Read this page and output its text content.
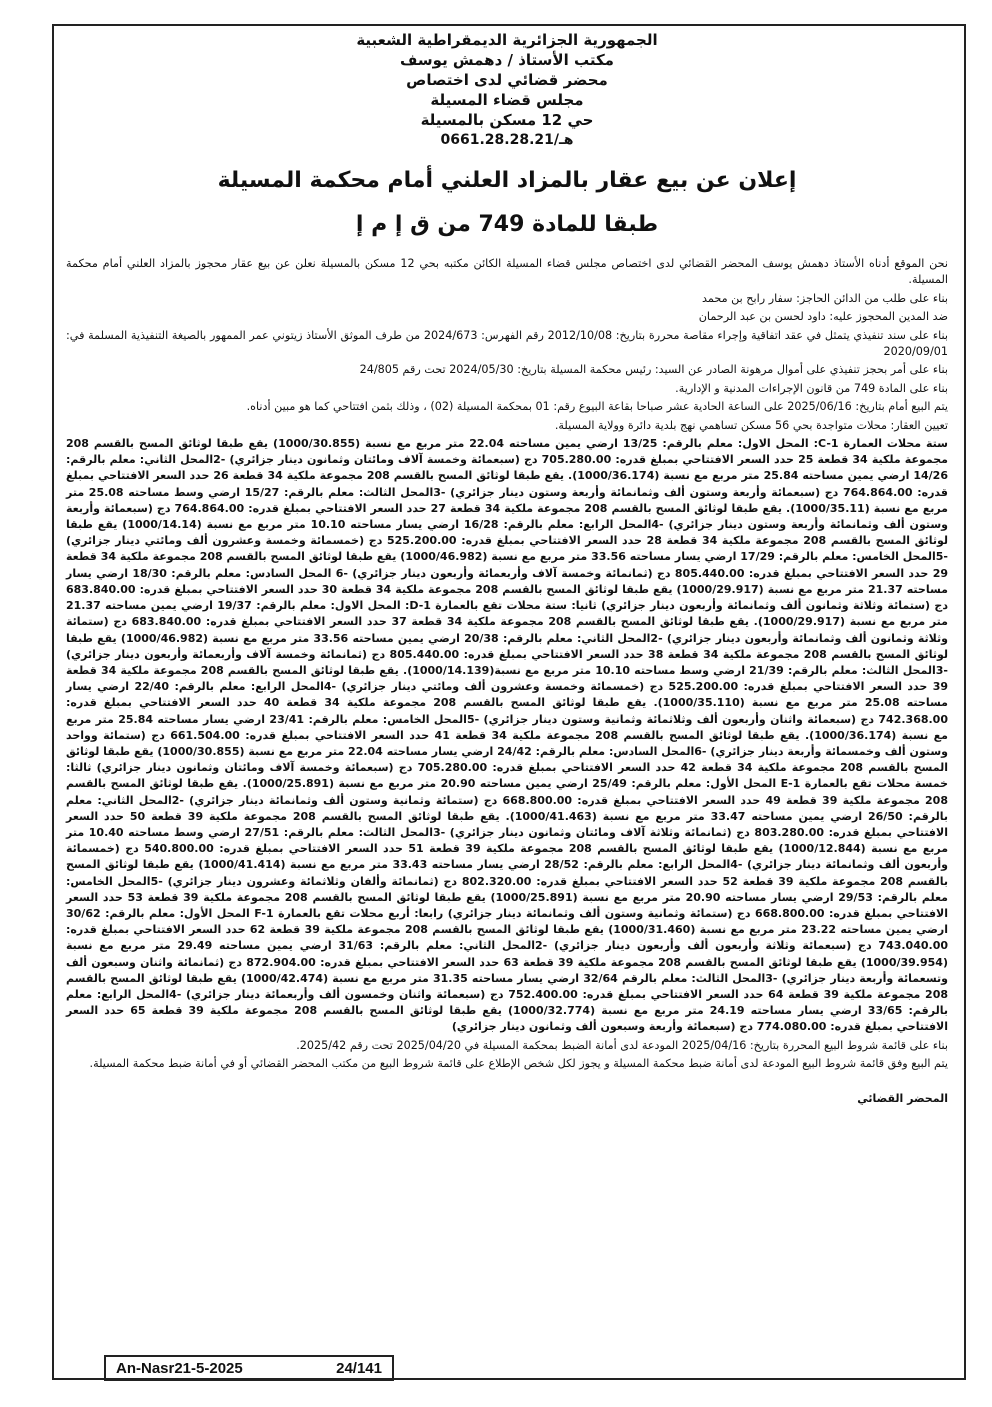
الجمهورية الجزائرية الديمقراطية الشعبية

مكتب الأستاذ / دهمش يوسف

محضر قضائي لدى اختصاص

مجلس قضاء المسيلة

حي 12 مسكن بالمسيلة

هـ/0661.28.28.21

إعلان عن بيع عقار بالمزاد العلني أمام محكمة المسيلة
طبقا للمادة 749 من ق إ م إ

نحن الموقع أدناه الأستاذ دهمش يوسف المحضر القضائي لدى اختصاص مجلس قضاء المسيلة الكائن مكتبه بحي 12 مسكن بالمسيلة نعلن عن بيع عقار محجوز بالمزاد العلني أمام محكمة المسيلة.

بناء على طلب من الدائن الحاجز: سفار رابح بن محمد

ضد المدين المحجوز عليه: داود لحسن بن عبد الرحمان

بناء على سند تنفيذي يتمثل في عقد اتفاقية وإجراء مقاصة محررة بتاريخ: 2012/10/08 رقم الفهرس: 2024/673 من طرف الموثق الأستاذ زيتوني عمر الممهور بالصيغة التنفيذية المسلمة في: 2020/09/01

بناء على أمر بحجز تنفيذي على أموال مرهونة الصادر عن السيد: رئيس محكمة المسيلة بتاريخ: 2024/05/30 تحت رقم 24/805

بناء على المادة 749 من قانون الإجراءات المدنية و الإدارية.

يتم البيع أمام بتاريخ: 2025/06/16 على الساعة الحادية عشر صباحا بقاعة البيوع رقم: 01 بمحكمة المسيلة (02) ، وذلك بثمن افتتاحي كما هو مبين أدناه.

تعيين العقار: محلات متواجدة بحي 56 مسكن تساهمي نهج بلدية دائرة وولاية المسيلة.

ستة محلات العمارة C-1: المحل الاول: معلم بالرقم: 13/25 ارضي يمين مساحته 22.04 متر مربع مع نسبة (1000/30.855) يقع طبقا لوثائق المسح بالقسم 208 مجموعة ملكية 34 قطعة 25 حدد السعر الافتتاحي بمبلغ قدره: 705.280.00 دج (سبعمائة وخمسة آلاف ومائتان وثمانون دينار جزائري) -2المحل الثاني: معلم بالرقم: 14/26 ارضي يمين مساحته 25.84 متر مربع مع نسبة (1000/36.174). يقع طبقا لوثائق المسح بالقسم 208 مجموعة ملكية 34 قطعة 26 حدد السعر الافتتاحي بمبلغ قدره: 764.864.00 دج (سبعمائة وأربعة وستون ألف وثمانمائة وأربعة وستون دينار جزائري) -3المحل الثالث: معلم بالرقم: 15/27 ارضي وسط مساحته 25.08 متر مربع مع نسبة (1000/35.11). يقع طبقا لوثائق المسح بالقسم 208 مجموعة ملكية 34 قطعة 27 حدد السعر الافتتاحي بمبلغ قدره: 764.864.00 دج (سبعمائة وأربعة وستون ألف وثمانمائة وأربعة وستون دينار جزائري) -4المحل الرابع: معلم بالرقم: 16/28 ارضي يسار مساحته 10.10 متر مربع مع نسبة (1000/14.14) يقع طبقا لوثائق المسح بالقسم 208 مجموعة ملكية 34 قطعة 28 حدد السعر الافتتاحي بمبلغ قدره: 525.200.00 دج (خمسمائة وخمسة وعشرون ألف ومائتي دينار جزائري) -5المحل الخامس: معلم بالرقم: 17/29 ارضي يسار مساحته 33.56 متر مربع مع نسبة (1000/46.982) يقع طبقا لوثائق المسح بالقسم 208 مجموعة ملكية 34 قطعة 29 حدد السعر الافتتاحي بمبلغ قدره: 805.440.00 دج (ثمانمائة وخمسة آلاف وأربعمائة وأربعون دينار جزائري) -6 المحل السادس: معلم بالرقم: 18/30 ارضي يسار مساحته 21.37 متر مربع مع نسبة (1000/29.917) يقع طبقا لوثائق المسح بالقسم 208 مجموعة ملكية 34 قطعة 30 حدد السعر الافتتاحي بمبلغ قدره: 683.840.00 دج (ستمائة وثلاثة وثمانون ألف وثمانمائة وأربعون دينار جزائري) ثانيا: ستة محلات تقع بالعمارة D-1: المحل الاول: معلم بالرقم: 19/37 ارضي يمين مساحته 21.37 متر مربع مع نسبة (1000/29.917). يقع طبقا لوثائق المسح بالقسم 208 مجموعة ملكية 34 قطعة 37 حدد السعر الافتتاحي بمبلغ قدره: 683.840.00 دج (ستمائة وثلاثة وثمانون ألف وثمانمائة وأربعون دينار جزائري) -2المحل الثاني: معلم بالرقم: 20/38 ارضي يمين مساحته 33.56 متر مربع مع نسبة (1000/46.982) يقع طبقا لوثائق المسح بالقسم 208 مجموعة ملكية 34 قطعة 38 حدد السعر الافتتاحي بمبلغ قدره: 805.440.00 دج (ثمانمائة وخمسة آلاف وأربعمائة وأربعون دينار جزائري) -3المحل الثالث: معلم بالرقم: 21/39 ارضي وسط مساحته 10.10 متر مربع مع نسبة(1000/14.139). يقع طبقا لوثائق المسح بالقسم 208 مجموعة ملكية 34 قطعة 39 حدد السعر الافتتاحي بمبلغ قدره: 525.200.00 دج (خمسمائة وخمسة وعشرون ألف ومائتي دينار جزائري) -4المحل الرابع: معلم بالرقم: 22/40 ارضي يسار مساحته 25.08 متر مربع مع نسبة (1000/35.110). يقع طبقا لوثائق المسح بالقسم 208 مجموعة ملكية 34 قطعة 40 حدد السعر الافتتاحي بمبلغ قدره: 742.368.00 دج (سبعمائة واثنان وأربعون ألف وثلاثمائة وثمانية وستون دينار جزائري) -5المحل الخامس: معلم بالرقم: 23/41 ارضي يسار مساحته 25.84 متر مربع مع نسبة (1000/36.174). يقع طبقا لوثائق المسح بالقسم 208 مجموعة ملكية 34 قطعة 41 حدد السعر الافتتاحي بمبلغ قدره: 661.504.00 دج (ستمائة وواحد وستون ألف وخمسمائة وأربعة دينار جزائري) -6المحل السادس: معلم بالرقم: 24/42 ارضي يسار مساحته 22.04 متر مربع مع نسبة (1000/30.855) يقع طبقا لوثائق المسح بالقسم 208 مجموعة ملكية 34 قطعة 42 حدد السعر الافتتاحي بمبلغ قدره: 705.280.00 دج (سبعمائة وخمسة آلاف ومائتان وثمانون دينار جزائري) ثالثا: خمسة محلات تقع بالعمارة E-1 المحل الأول: معلم بالرقم: 25/49 ارضي يمين مساحته 20.90 متر مربع مع نسبة (1000/25.891). يقع طبقا لوثائق المسح بالقسم 208 مجموعة ملكية 39 قطعة 49 حدد السعر الافتتاحي بمبلغ قدره: 668.800.00 دج (ستمائة وثمانية وستون ألف وثمانمائة دينار جزائري) -2المحل الثاني: معلم بالرقم: 26/50 ارضي يمين مساحته 33.47 متر مربع مع نسبة (1000/41.463). يقع طبقا لوثائق المسح بالقسم 208 مجموعة ملكية 39 قطعة 50 حدد السعر الافتتاحي بمبلغ قدره: 803.280.00 دج (ثمانمائة وثلاثة آلاف ومائتان وثمانون دينار جزائري) -3المحل الثالث: معلم بالرقم: 27/51 ارضي وسط مساحته 10.40 متر مربع مع نسبة (1000/12.844) يقع طبقا لوثائق المسح بالقسم 208 مجموعة ملكية 39 قطعة 51 حدد السعر الافتتاحي بمبلغ قدره: 540.800.00 دج (خمسمائة وأربعون ألف وثمانمائة دينار جزائري) -4المحل الرابع: معلم بالرقم: 28/52 ارضي يسار مساحته 33.43 متر مربع مع نسبة (1000/41.414) يقع طبقا لوثائق المسح بالقسم 208 مجموعة ملكية 39 قطعة 52 حدد السعر الافتتاحي بمبلغ قدره: 802.320.00 دج (ثمانمائة وألفان وثلاثمائة وعشرون دينار جزائري) -5المحل الخامس: معلم بالرقم: 29/53 ارضي يسار مساحته 20.90 متر مربع مع نسبة (1000/25.891) يقع طبقا لوثائق المسح بالقسم 208 مجموعة ملكية 39 قطعة 53 حدد السعر الافتتاحي بمبلغ قدره: 668.800.00 دج (ستمائة وثمانية وستون ألف وثمانمائة دينار جزائري) رابعا: أربع محلات تقع بالعمارة F-1 المحل الأول: معلم بالرقم: 30/62 ارضي يمين مساحته 23.22 متر مربع مع نسبة (1000/31.460) يقع طبقا لوثائق المسح بالقسم 208 مجموعة ملكية 39 قطعة 62 حدد السعر الافتتاحي بمبلغ قدره: 743.040.00 دج (سبعمائة وثلاثة وأربعون ألف وأربعون دينار جزائري) -2المحل الثاني: معلم بالرقم: 31/63 ارضي يمين مساحته 29.49 متر مربع مع نسبة (1000/39.954) يقع طبقا لوثائق المسح بالقسم 208 مجموعة ملكية 39 قطعة 63 حدد السعر الافتتاحي بمبلغ قدره: 872.904.00 دج (ثمانمائة واثنان وسبعون ألف وتسعمائة وأربعة دينار جزائري) -3المحل الثالث: معلم بالرقم 32/64 ارضي يسار مساحته 31.35 متر مربع مع نسبة (1000/42.474) يقع طبقا لوثائق المسح بالقسم 208 مجموعة ملكية 39 قطعة 64 حدد السعر الافتتاحي بمبلغ قدره: 752.400.00 دج (سبعمائة واثنان وخمسون ألف وأربعمائة دينار جزائري) -4المحل الرابع: معلم بالرقم: 33/65 ارضي يسار مساحته 24.19 متر مربع مع نسبة (1000/32.774) يقع طبقا لوثائق المسح بالقسم 208 مجموعة ملكية 39 قطعة 65 حدد السعر الافتتاحي بمبلغ قدره: 774.080.00 دج (سبعمائة وأربعة وسبعون ألف وثمانون دينار جزائري)

بناء على قائمة شروط البيع المحررة بتاريخ: 2025/04/16 المودعة لدى أمانة الضبط بمحكمة المسيلة في 2025/04/20 تحت رقم 2025/42.

يتم البيع وفق قائمة شروط البيع المودعة لدى أمانة ضبط محكمة المسيلة و يجوز لكل شخص الإطلاع على قائمة شروط البيع من مكتب المحضر القضائي أو في أمانة ضبط محكمة المسيلة.

المحضر القضائي
An-Nasr21-5-2025	24/141
